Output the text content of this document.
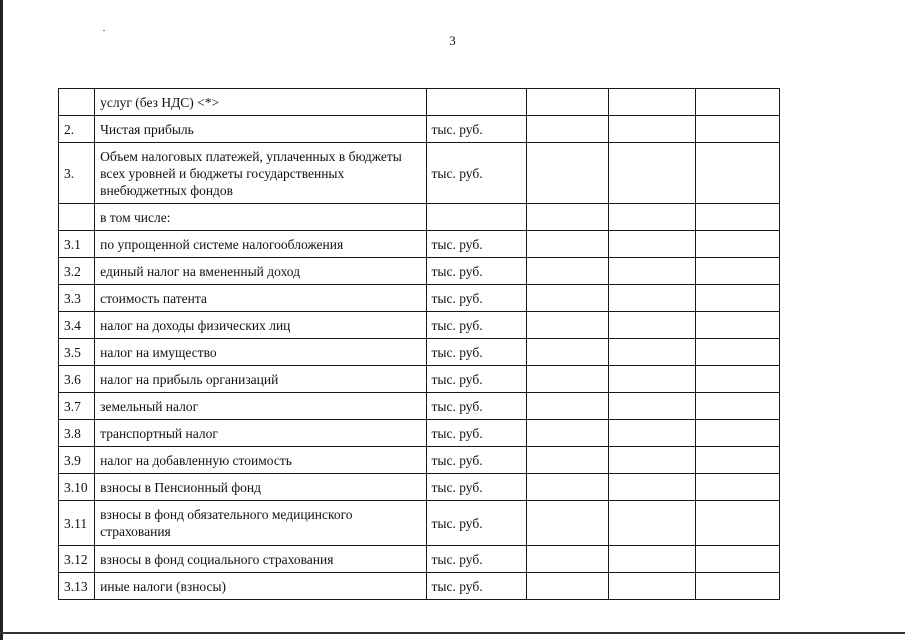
3
	услуг (без НДС) <*>				
2.	Чистая прибыль	тыс. руб.			
3.	Объем налоговых платежей, уплаченных в бюджеты всех уровней и бюджеты государственных внебюджетных фондов	тыс. руб.			
	в том числе:				
3.1	по упрощенной системе налогообложения	тыс. руб.			
3.2	единый налог на вмененный доход	тыс. руб.			
3.3	стоимость патента	тыс. руб.			
3.4	налог на доходы физических лиц	тыс. руб.			
3.5	налог на имущество	тыс. руб.			
3.6	налог на прибыль организаций	тыс. руб.			
3.7	земельный налог	тыс. руб.			
3.8	транспортный налог	тыс. руб.			
3.9	налог на добавленную стоимость	тыс. руб.			
3.10	взносы в Пенсионный фонд	тыс. руб.			
3.11	взносы в фонд обязательного медицинского страхования	тыс. руб.			
3.12	взносы в фонд социального страхования	тыс. руб.			
3.13	иные налоги (взносы)	тыс. руб.			
